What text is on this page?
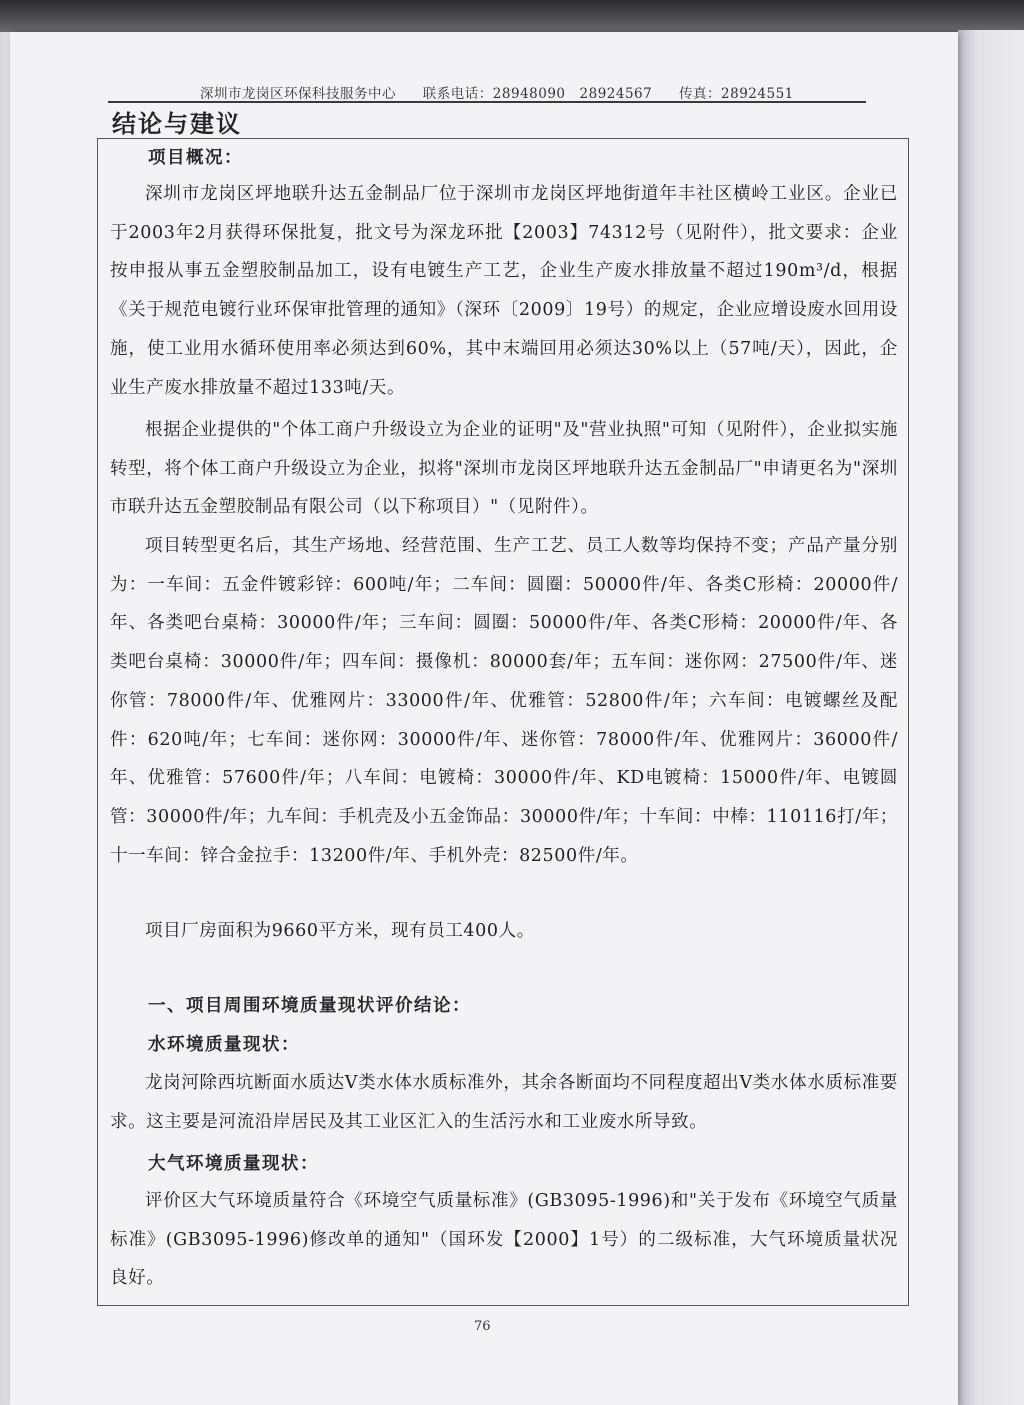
深圳市龙岗区环保科技服务中心 联系电话：28948090　28924567 传真：28924551
结论与建议

项目概况：

深圳市龙岗区坪地联升达五金制品厂位于深圳市龙岗区坪地街道年丰社区横岭工业区。企业已于2003年2月获得环保批复，批文号为深龙环批【2003】74312号（见附件），批文要求：企业按申报从事五金塑胶制品加工，设有电镀生产工艺，企业生产废水排放量不超过190m³/d，根据《关于规范电镀行业环保审批管理的通知》（深环〔2009〕19号）的规定，企业应增设废水回用设施，使工业用水循环使用率必须达到60%，其中末端回用必须达30%以上（57吨/天），因此，企业生产废水排放量不超过133吨/天。

根据企业提供的"个体工商户升级设立为企业的证明"及"营业执照"可知（见附件），企业拟实施转型，将个体工商户升级设立为企业，拟将"深圳市龙岗区坪地联升达五金制品厂"申请更名为"深圳市联升达五金塑胶制品有限公司（以下称项目）"（见附件）。

项目转型更名后，其生产场地、经营范围、生产工艺、员工人数等均保持不变；产品产量分别为：一车间：五金件镀彩锌：600吨/年；二车间：圆圈：50000件/年、各类C形椅：20000件/年、各类吧台桌椅：30000件/年；三车间：圆圈：50000件/年、各类C形椅：20000件/年、各类吧台桌椅：30000件/年；四车间：摄像机：80000套/年；五车间：迷你网：27500件/年、迷你管：78000件/年、优雅网片：33000件/年、优雅管：52800件/年；六车间：电镀螺丝及配件：620吨/年；七车间：迷你网：30000件/年、迷你管：78000件/年、优雅网片：36000件/年、优雅管：57600件/年；八车间：电镀椅：30000件/年、KD电镀椅：15000件/年、电镀圆管：30000件/年；九车间：手机壳及小五金饰品：30000件/年；十车间：中棒：110116打/年；十一车间：锌合金拉手：13200件/年、手机外壳：82500件/年。

项目厂房面积为9660平方米，现有员工400人。

一、项目周围环境质量现状评价结论：

水环境质量现状：

龙岗河除西坑断面水质达Ⅴ类水体水质标准外，其余各断面均不同程度超出Ⅴ类水体水质标准要求。这主要是河流沿岸居民及其工业区汇入的生活污水和工业废水所导致。

大气环境质量现状：

评价区大气环境质量符合《环境空气质量标准》(GB3095-1996)和"关于发布《环境空气质量标准》(GB3095-1996)修改单的通知"（国环发【2000】1号）的二级标准，大气环境质量状况良好。

76
